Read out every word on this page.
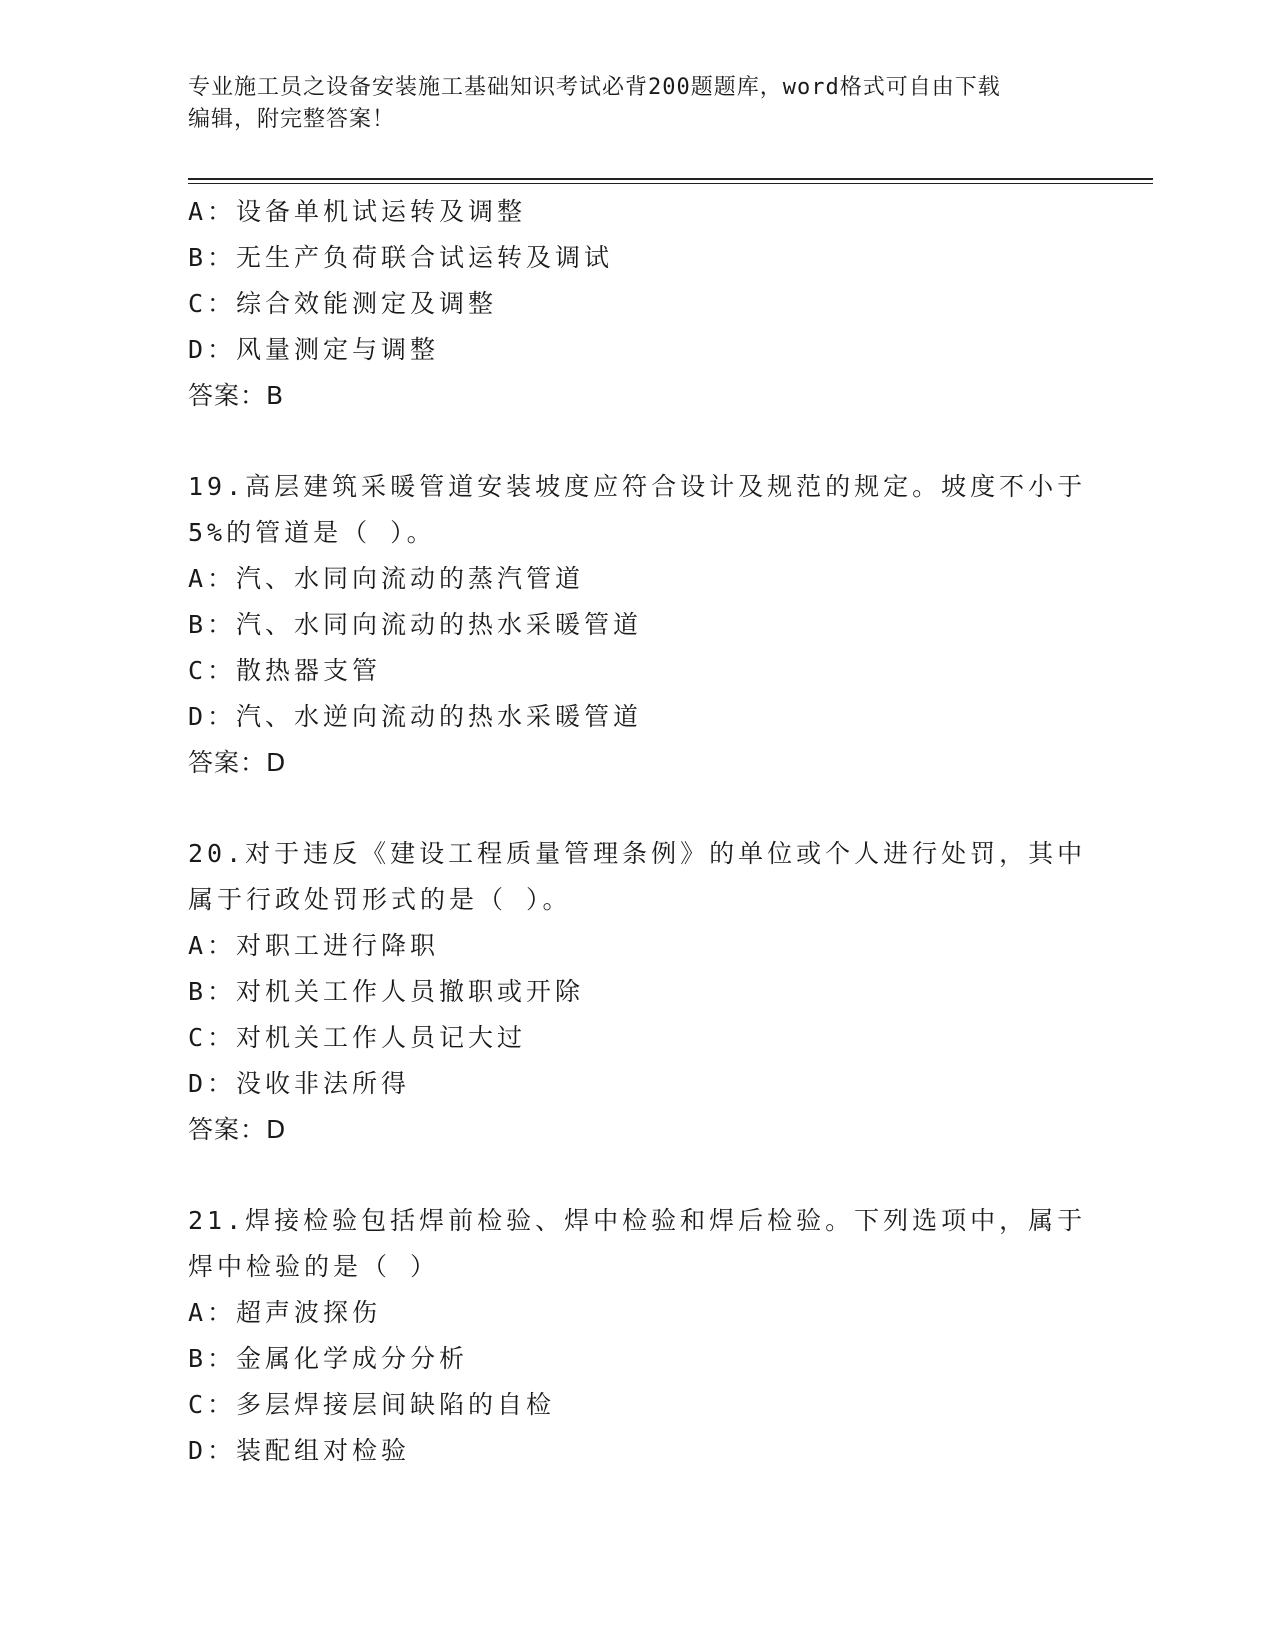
专业施工员之设备安装施工基础知识考试必背200题题库，word格式可自由下载
编辑，附完整答案！
A：设备单机试运转及调整
B：无生产负荷联合试运转及调试
C：综合效能测定及调整
D：风量测定与调整
答案：B
19.高层建筑采暖管道安装坡度应符合设计及规范的规定。坡度不小于5%的管道是（ ）。
A：汽、水同向流动的蒸汽管道
B：汽、水同向流动的热水采暖管道
C：散热器支管
D：汽、水逆向流动的热水采暖管道
答案：D
20.对于违反《建设工程质量管理条例》的单位或个人进行处罚，其中属于行政处罚形式的是（ ）。
A：对职工进行降职
B：对机关工作人员撤职或开除
C：对机关工作人员记大过
D：没收非法所得
答案：D
21.焊接检验包括焊前检验、焊中检验和焊后检验。下列选项中，属于焊中检验的是（ ）
A：超声波探伤
B：金属化学成分分析
C：多层焊接层间缺陷的自检
D：装配组对检验
